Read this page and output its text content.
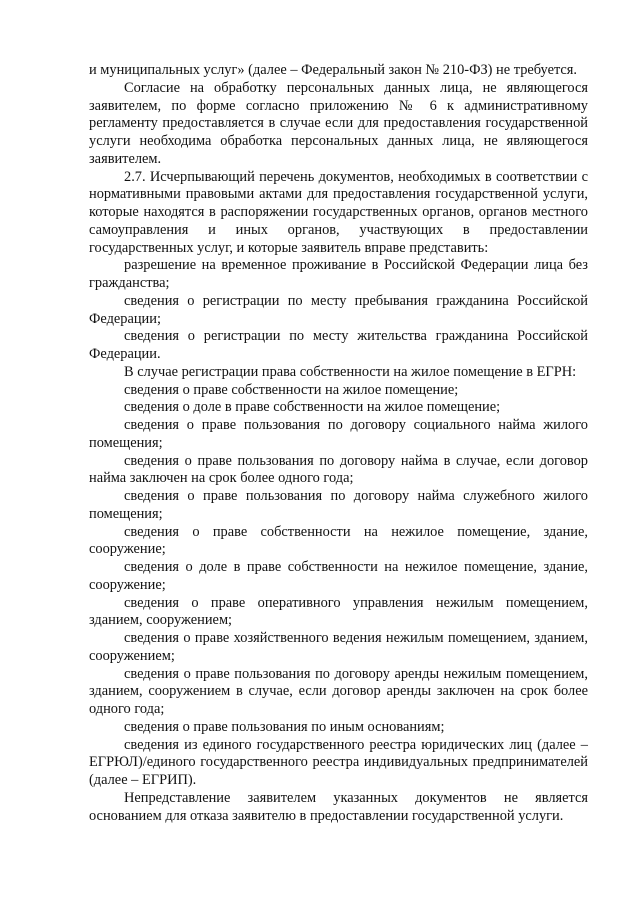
и муниципальных услуг» (далее – Федеральный закон № 210-ФЗ) не требуется.

Согласие на обработку персональных данных лица, не являющегося заявителем, по форме согласно приложению № 6 к административному регламенту предоставляется в случае если для предоставления государственной услуги необходима обработка персональных данных лица, не являющегося заявителем.

2.7. Исчерпывающий перечень документов, необходимых в соответствии с нормативными правовыми актами для предоставления государственной услуги, которые находятся в распоряжении государственных органов, органов местного самоуправления и иных органов, участвующих в предоставлении государственных услуг, и которые заявитель вправе представить:

разрешение на временное проживание в Российской Федерации лица без гражданства;

сведения о регистрации по месту пребывания гражданина Российской Федерации;

сведения о регистрации по месту жительства гражданина Российской Федерации.

В случае регистрации права собственности на жилое помещение в ЕГРН:

сведения о праве собственности на жилое помещение;

сведения о доле в праве собственности на жилое помещение;

сведения о праве пользования по договору социального найма жилого помещения;

сведения о праве пользования по договору найма в случае, если договор найма заключен на срок более одного года;

сведения о праве пользования по договору найма служебного жилого помещения;

сведения о праве собственности на нежилое помещение, здание, сооружение;

сведения о доле в праве собственности на нежилое помещение, здание, сооружение;

сведения о праве оперативного управления нежилым помещением, зданием, сооружением;

сведения о праве хозяйственного ведения нежилым помещением, зданием, сооружением;

сведения о праве пользования по договору аренды нежилым помещением, зданием, сооружением в случае, если договор аренды заключен на срок более одного года;

сведения о праве пользования по иным основаниям;

сведения из единого государственного реестра юридических лиц (далее – ЕГРЮЛ)/единого государственного реестра индивидуальных предпринимателей (далее – ЕГРИП).

Непредставление заявителем указанных документов не является основанием для отказа заявителю в предоставлении государственной услуги.
